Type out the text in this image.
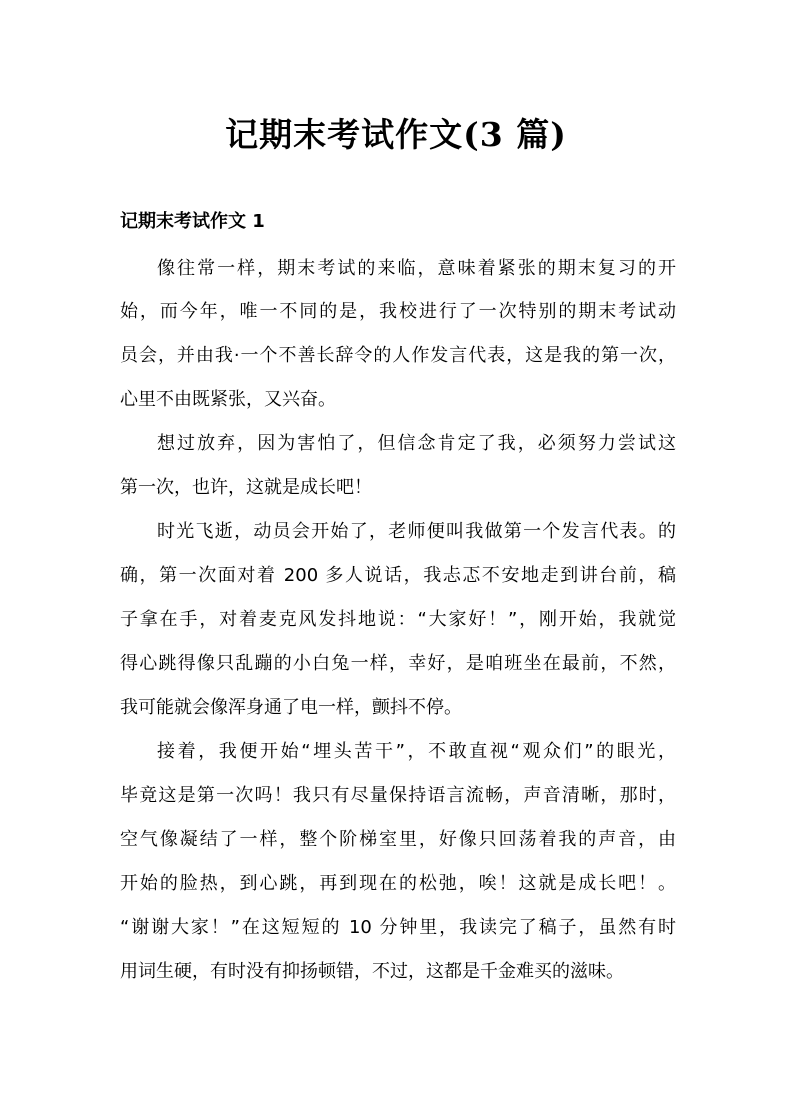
记期末考试作文(3 篇)
记期末考试作文 1
像往常一样，期末考试的来临，意味着紧张的期末复习的开
始，而今年，唯一不同的是，我校进行了一次特别的期末考试动
员会，并由我·一个不善长辞令的人作发言代表，这是我的第一次，
心里不由既紧张，又兴奋。
想过放弃，因为害怕了，但信念肯定了我，必须努力尝试这
第一次，也许，这就是成长吧！
时光飞逝，动员会开始了，老师便叫我做第一个发言代表。的
确，第一次面对着 200 多人说话，我忐忑不安地走到讲台前，稿
子拿在手，对着麦克风发抖地说：“大家好！”，刚开始，我就觉
得心跳得像只乱蹦的小白兔一样，幸好，是咱班坐在最前，不然，
我可能就会像浑身通了电一样，颤抖不停。
接着，我便开始“埋头苦干”，不敢直视“观众们”的眼光，
毕竟这是第一次吗！我只有尽量保持语言流畅，声音清晰，那时，
空气像凝结了一样，整个阶梯室里，好像只回荡着我的声音，由
开始的脸热，到心跳，再到现在的松弛，唉！这就是成长吧！。
“谢谢大家！”在这短短的 10 分钟里，我读完了稿子，虽然有时
用词生硬，有时没有抑扬顿错，不过，这都是千金难买的滋味。
